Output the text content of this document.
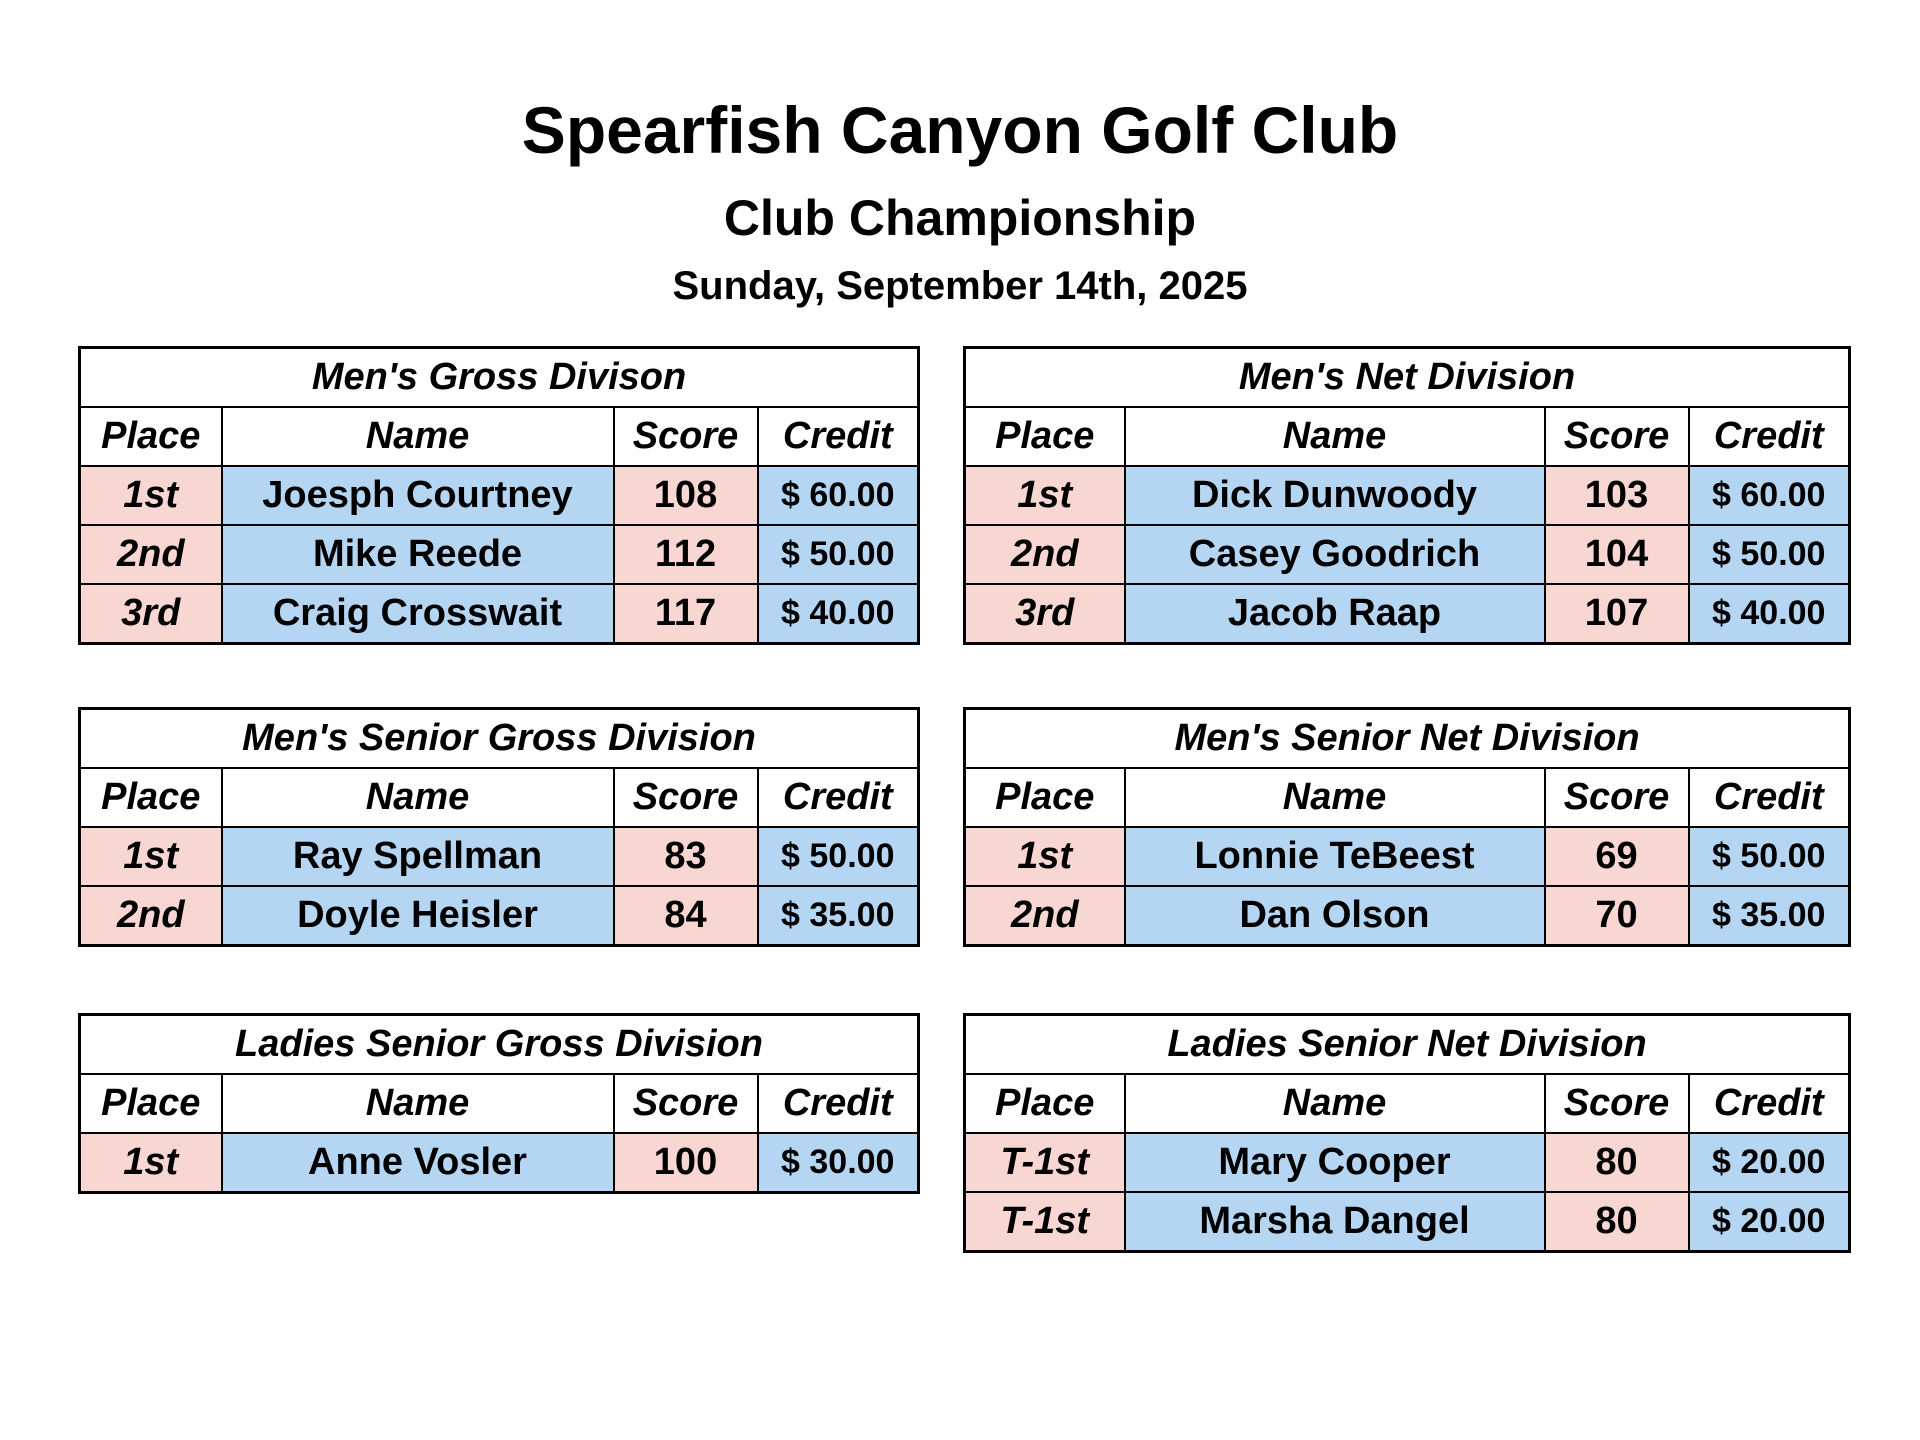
Spearfish Canyon Golf Club
Club Championship
Sunday, September 14th, 2025
Men's Gross Divison			
Place	Name	Score	Credit
1st	Joesph Courtney	108	$ 60.00
2nd	Mike Reede	112	$ 50.00
3rd	Craig Crosswait	117	$ 40.00
Men's Net Division			
Place	Name	Score	Credit
1st	Dick Dunwoody	103	$ 60.00
2nd	Casey Goodrich	104	$ 50.00
3rd	Jacob Raap	107	$ 40.00
Men's Senior Gross Division			
Place	Name	Score	Credit
1st	Ray Spellman	83	$ 50.00
2nd	Doyle Heisler	84	$ 35.00
Men's Senior Net Division			
Place	Name	Score	Credit
1st	Lonnie TeBeest	69	$ 50.00
2nd	Dan Olson	70	$ 35.00
Ladies Senior Gross Division			
Place	Name	Score	Credit
1st	Anne Vosler	100	$ 30.00
Ladies Senior Net Division			
Place	Name	Score	Credit
T-1st	Mary Cooper	80	$ 20.00
T-1st	Marsha Dangel	80	$ 20.00
